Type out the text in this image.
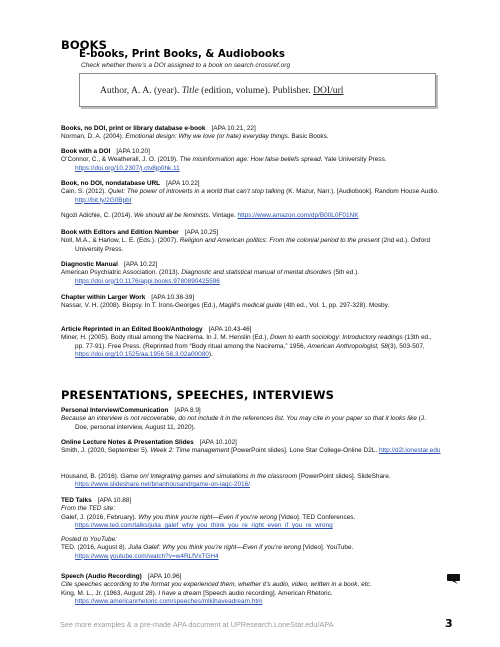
BOOKS
E-books, Print Books, & Audiobooks
Check whether there’s a DOI assigned to a book on search.crossref.org
Author, A. A. (year). Title (edition, volume). Publisher. DOI/url
Books, no DOI, print or library database e-book [APA 10.21, 22]
Norman, D. A. (2004). Emotional design: Why we love (or hate) everyday things. Basic Books.
Book with a DOI [APA 10.20]
O’Connor, C., & Weatherall, J. O. (2019). The misinformation age: How false beliefs spread. Yale University Press. https://doi.org/10.2307/j.ctv8jp0hk.11
Book, no DOI, nondatabase URL [APA 10.22]
Cain, S. (2012). Quiet: The power of introverts in a world that can’t stop talking (K. Mazur, Narr.). [Audiobook]. Random House Audio. http://bit.ly/2G0Bpbl
Ngozi Adichie, C. (2014). We should all be feminists. Vintage. https://www.amazon.com/dp/B00L0F01NK
Book with Editors and Edition Number [APA 10.25]
Noll, M.A., & Harlow, L. E. (Eds.). (2007). Religion and American politics: From the colonial period to the present (2nd ed.). Oxford University Press.
Diagnostic Manual [APA 10.22]
American Psychiatric Association. (2013). Diagnostic and statistical manual of mental disorders (5th ed.). https://doi.org/10.1176/appi.books.9780890425596
Chapter within Larger Work [APA 10.38-39]
Nassar, V. H. (2008). Biopsy. In T. Irons-Georges (Ed.), Magill’s medical guide (4th ed., Vol. 1, pp. 297-328). Mosby.
Article Reprinted in an Edited Book/Anthology [APA 10.43-46]
Miner, H. (2005). Body ritual among the Nacirema. In J. M. Henslin (Ed.), Down to earth sociology: Introductory readings (13th ed., pp. 77-91). Free Press. (Reprinted from “Body ritual among the Nacirema,” 1956, American Anthropologist, 58(3), 503-507, https://doi.org/10.1525/aa.1956.58.3.02a00080).
PRESENTATIONS, SPEECHES, INTERVIEWS
Personal Interview/Communication [APA 8.9]
Because an interview is not recoverable, do not include it in the references list. You may cite in your paper so that it looks like (J. Doe, personal interview, August 11, 2020).
Online Lecture Notes & Presentation Slides [APA 10.102]
Smith, J. (2020, September 5). Week 2: Time management [PowerPoint slides]. Lone Star College-Online D2L. http://d2l.lonestar.edu
Housand, B. (2016). Game on! Integrating games and simulations in the classroom [PowerPoint slides]. SlideShare. https://www.slideshare.net/brianhousand/game-on-iagc-2016/
TED Talks [APA 10.88]
From the TED site:
Galef, J. (2016, February). Why you think you’re right—Even if you’re wrong [Video]. TED Conferences. https://www.ted.com/talks/julia_galef_why_you_think_you_re_right_even_if_you_re_wrong
Posted to YouTube:
TED. (2016, August 8). Julia Galef: Why you think you’re right—Even if you’re wrong [Video]. YouTube. https://www.youtube.com/watch?v=w4RLfVxTGH4
Speech (Audio Recording) [APA 10.96]
Cite speeches according to the format you experienced them, whether it’s audio, video, written in a book, etc.
King, M. L., Jr. (1963, August 28). I have a dream [Speech audio recording]. American Rhetoric. https://www.americanrhetoric.com/speeches/mlkihaveadream.htm
See more examples & a pre-made APA document at UPResearch.LoneStar.edu/APA	3
